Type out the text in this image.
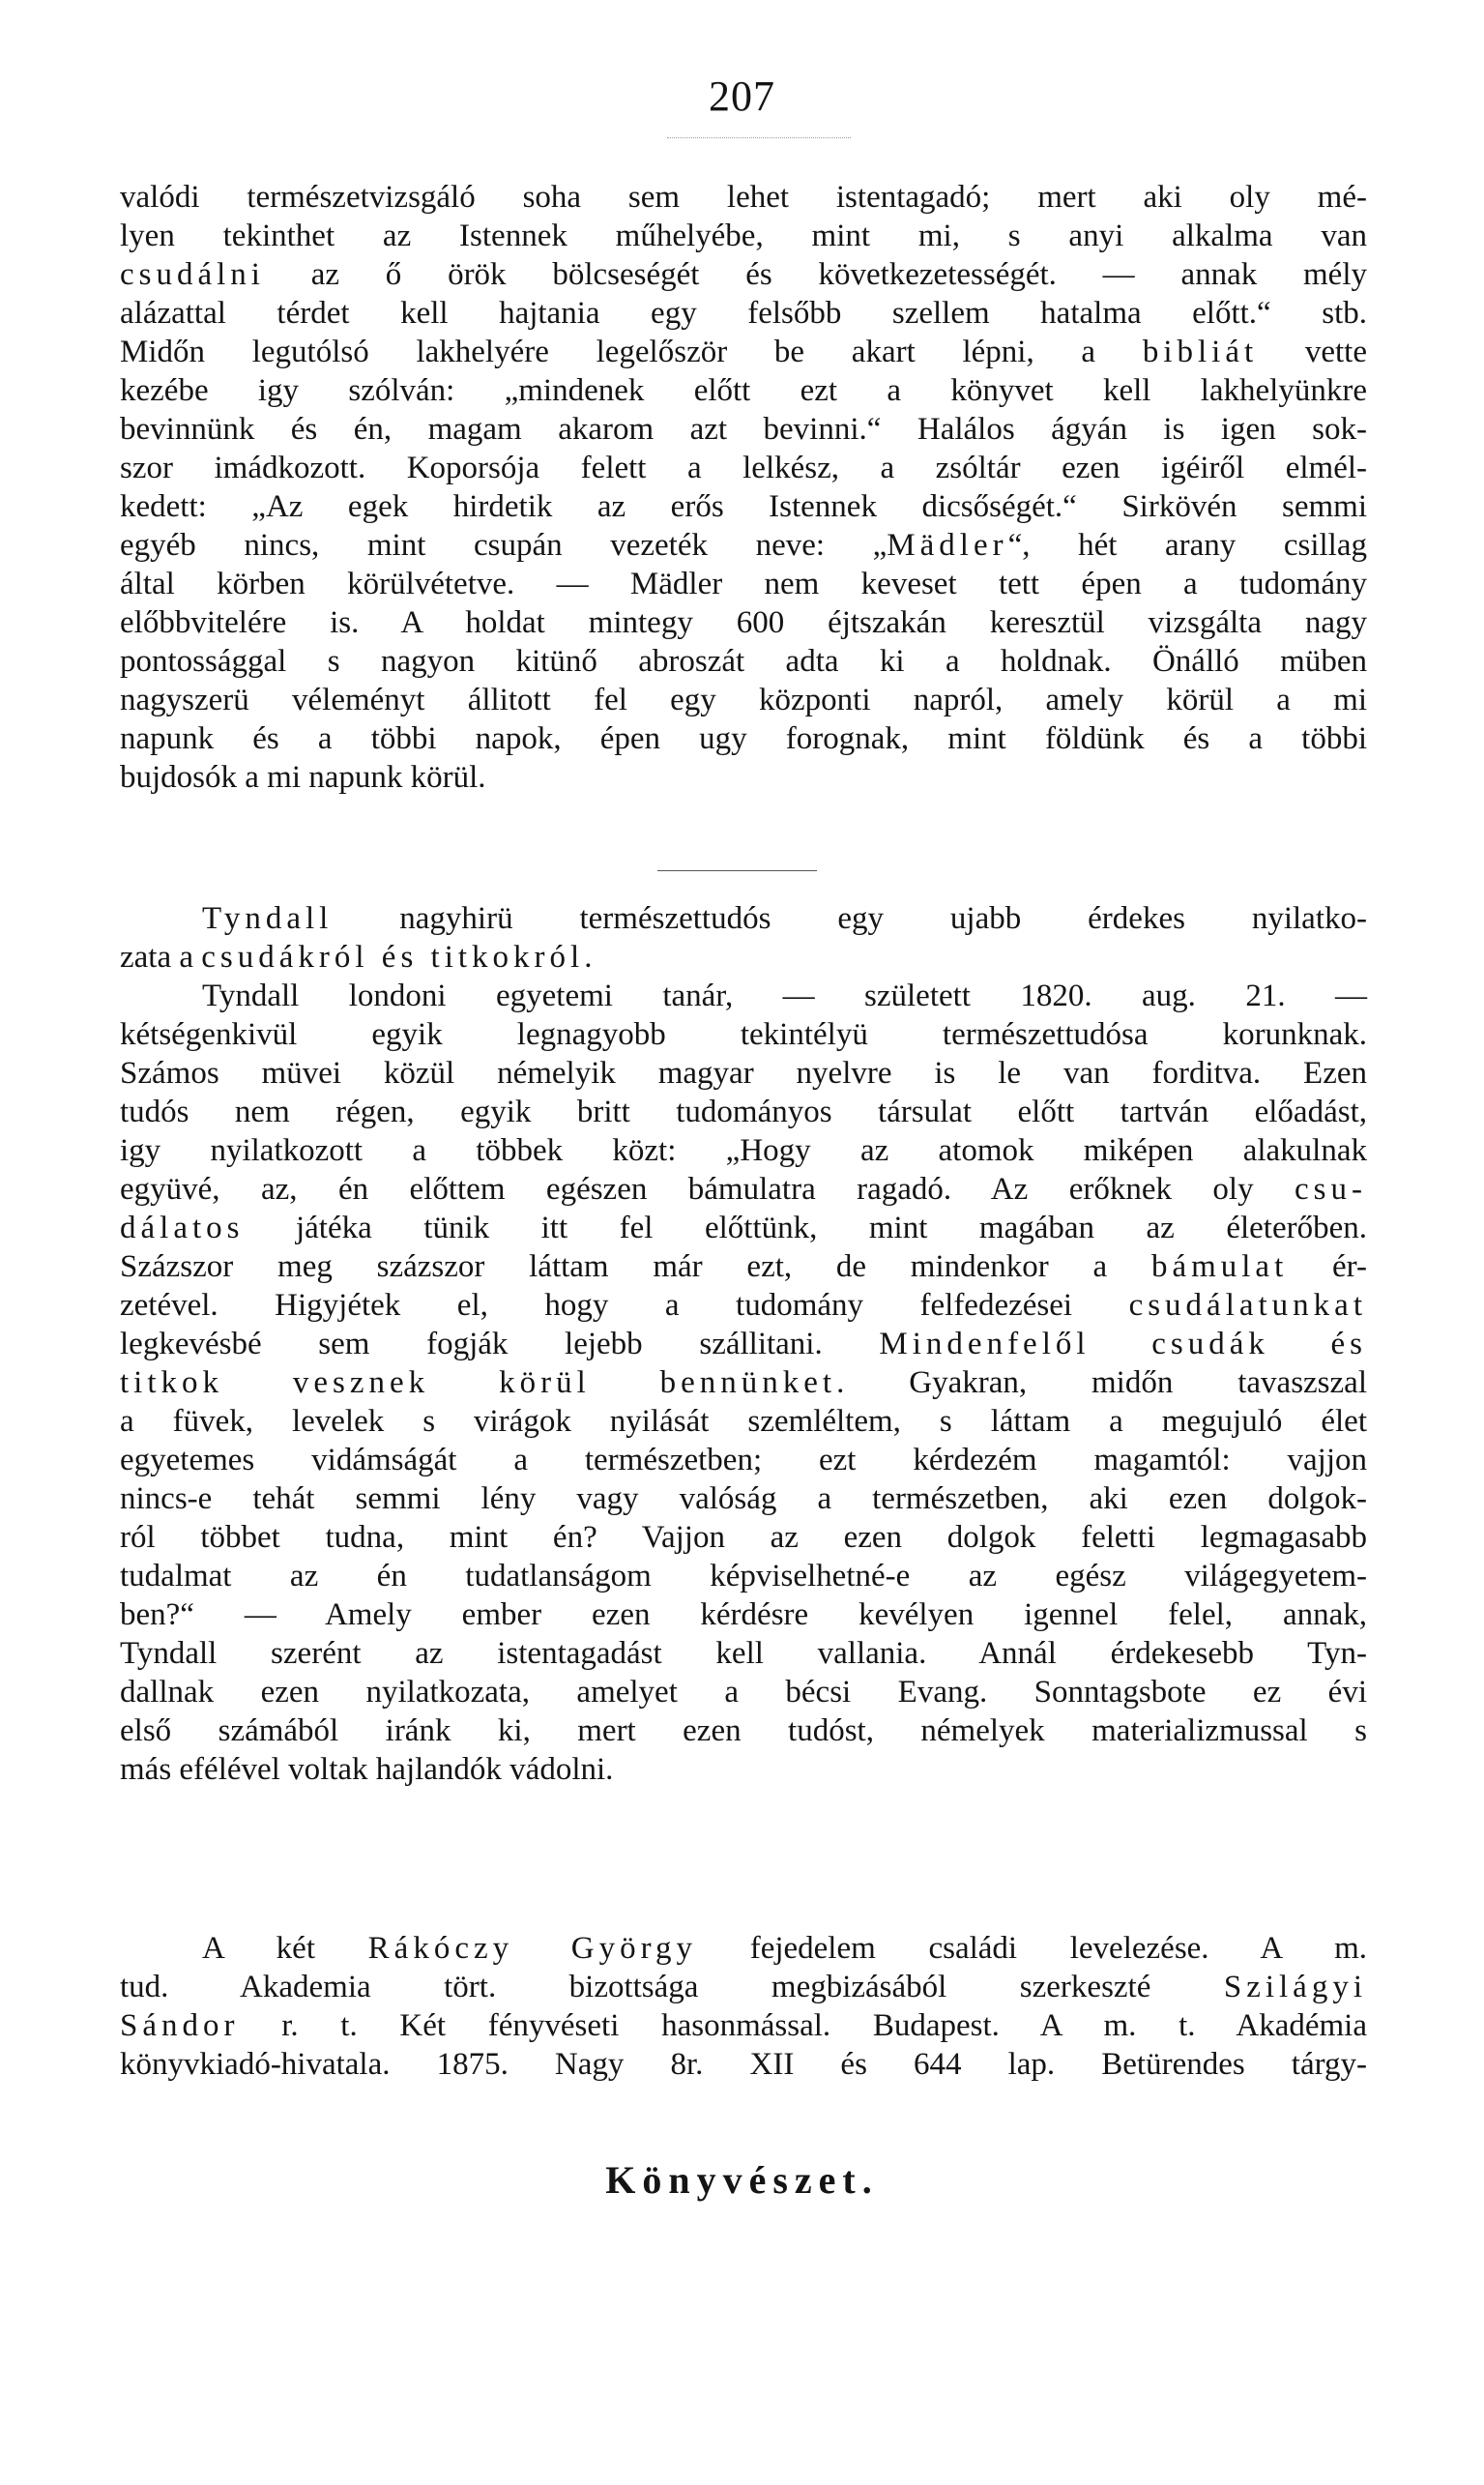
207
valódi természetvizsgáló soha sem lehet istentagadó; mert aki oly mé-
lyen tekinthet az Istennek műhelyébe, mint mi, s anyi alkalma van
csudálni az ő örök bölcseségét és következetességét. — annak mély
alázattal térdet kell hajtania egy felsőbb szellem hatalma előtt.“ stb.
Midőn legutólsó lakhelyére legelőször be akart lépni, a bibliát vette
kezébe igy szólván: „mindenek előtt ezt a könyvet kell lakhelyünkre
bevinnünk és én, magam akarom azt bevinni.“ Halálos ágyán is igen sok-
szor imádkozott. Koporsója felett a lelkész, a zsóltár ezen igéiről elmél-
kedett: „Az egek hirdetik az erős Istennek dicsőségét.“ Sirkövén semmi
egyéb nincs, mint csupán vezeték neve: „Mädler“, hét arany csillag
által körben körülvétetve. — Mädler nem keveset tett épen a tudomány
előbbvitelére is. A holdat mintegy 600 éjtszakán keresztül vizsgálta nagy
pontossággal s nagyon kitünő abroszát adta ki a holdnak. Önálló müben
nagyszerü véleményt állitott fel egy központi napról, amely körül a mi
napunk és a többi napok, épen ugy forognak, mint földünk és a többi
bujdosók a mi napunk körül.
Tyndall nagyhirü természettudós egy ujabb érdekes nyilatko-
zata a csudákról és titkokról.
Tyndall londoni egyetemi tanár, — született 1820. aug. 21. —
kétségenkivül egyik legnagyobb tekintélyü természettudósa korunknak.
Számos müvei közül némelyik magyar nyelvre is le van forditva. Ezen
tudós nem régen, egyik britt tudományos társulat előtt tartván előadást,
igy nyilatkozott a többek közt: „Hogy az atomok miképen alakulnak
együvé, az, én előttem egészen bámulatra ragadó. Az erőknek oly csu-
dálatos játéka tünik itt fel előttünk, mint magában az életerőben.
Százszor meg százszor láttam már ezt, de mindenkor a bámulat ér-
zetével. Higyjétek el, hogy a tudomány felfedezései csudálatunkat
legkevésbé sem fogják lejebb szállitani. Mindenfelől csudák és
titkok vesznek körül bennünket. Gyakran, midőn tavaszszal
a füvek, levelek s virágok nyilását szemléltem, s láttam a megujuló élet
egyetemes vidámságát a természetben; ezt kérdezém magamtól: vajjon
nincs-e tehát semmi lény vagy valóság a természetben, aki ezen dolgok-
ról többet tudna, mint én? Vajjon az ezen dolgok feletti legmagasabb
tudalmat az én tudatlanságom képviselhetné-e az egész világegyetem-
ben?“ — Amely ember ezen kérdésre kevélyen igennel felel, annak,
Tyndall szerént az istentagadást kell vallania. Annál érdekesebb Tyn-
dallnak ezen nyilatkozata, amelyet a bécsi Evang. Sonntagsbote ez évi
első számából iránk ki, mert ezen tudóst, némelyek materializmussal s
más efélével voltak hajlandók vádolni.
Könyvészet.
A két Rákóczy György fejedelem családi levelezése. A m.
tud. Akademia tört. bizottsága megbizásából szerkeszté Szilágyi
Sándor r. t. Két fényvéseti hasonmással. Budapest. A m. t. Akadémia
könyvkiadó-hivatala. 1875. Nagy 8r. XII és 644 lap. Betürendes tárgy-
